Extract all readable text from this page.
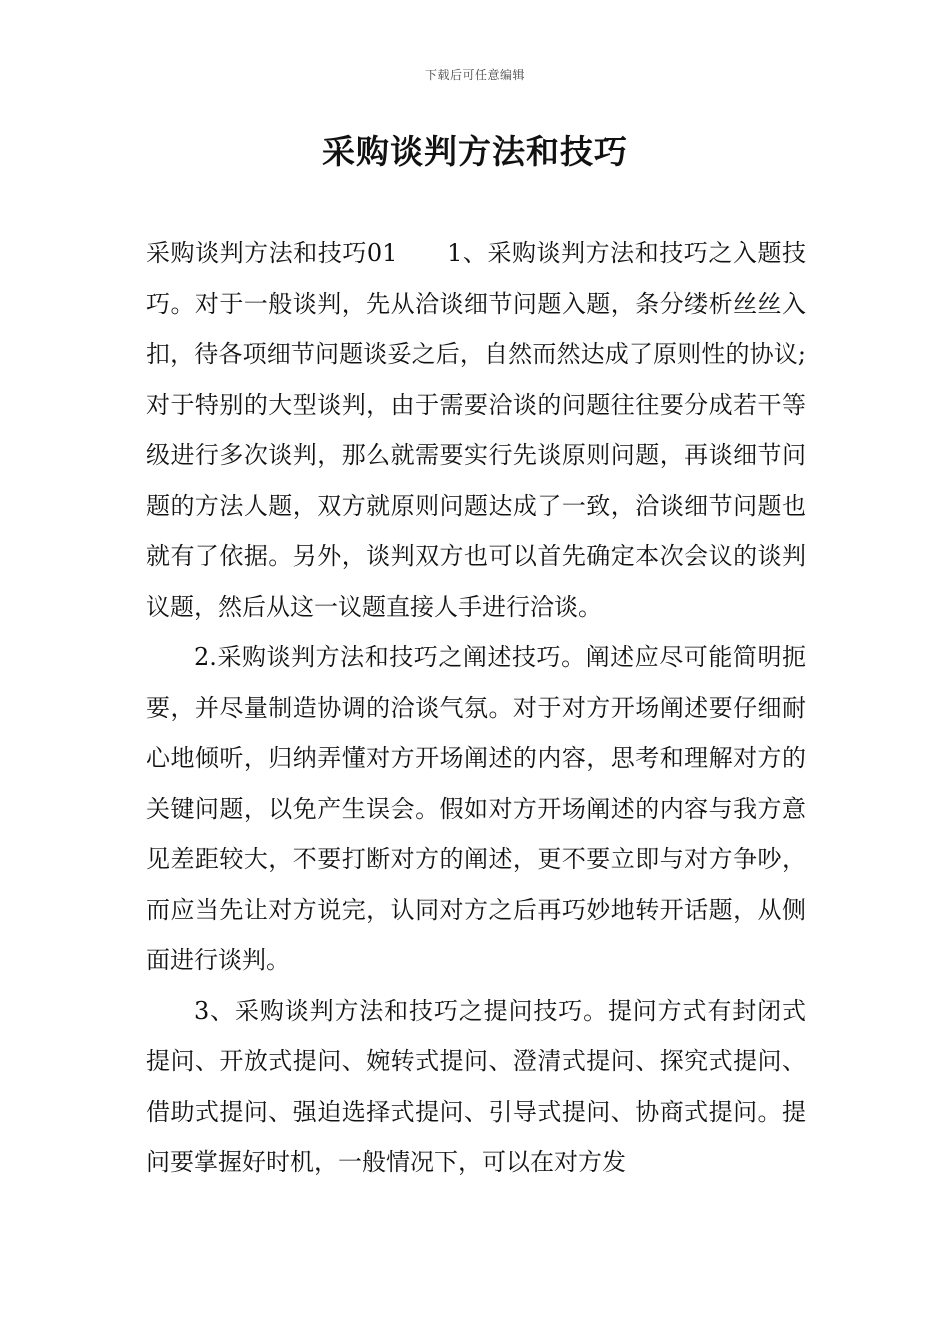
下载后可任意编辑
采购谈判方法和技巧

采购谈判方法和技巧01　　1、采购谈判方法和技巧之入题技巧。对于一般谈判，先从洽谈细节问题入题，条分缕析丝丝入扣，待各项细节问题谈妥之后，自然而然达成了原则性的协议;对于特别的大型谈判，由于需要洽谈的问题往往要分成若干等级进行多次谈判，那么就需要实行先谈原则问题，再谈细节问题的方法人题，双方就原则问题达成了一致，洽谈细节问题也就有了依据。另外，谈判双方也可以首先确定本次会议的谈判议题，然后从这一议题直接人手进行洽谈。

2.采购谈判方法和技巧之阐述技巧。阐述应尽可能简明扼要，并尽量制造协调的洽谈气氛。对于对方开场阐述要仔细耐心地倾听，归纳弄懂对方开场阐述的内容，思考和理解对方的关键问题，以免产生误会。假如对方开场阐述的内容与我方意见差距较大，不要打断对方的阐述，更不要立即与对方争吵，而应当先让对方说完，认同对方之后再巧妙地转开话题，从侧面进行谈判。

3、采购谈判方法和技巧之提问技巧。提问方式有封闭式提问、开放式提问、婉转式提问、澄清式提问、探究式提问、借助式提问、强迫选择式提问、引导式提问、协商式提问。提问要掌握好时机，一般情况下，可以在对方发
